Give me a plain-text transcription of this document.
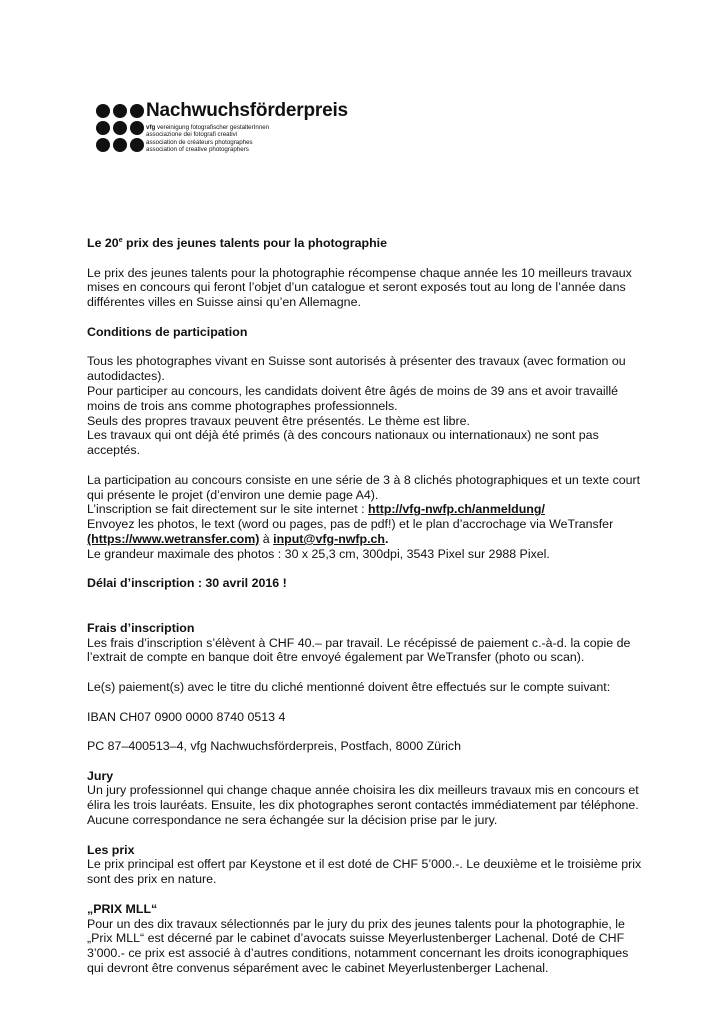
Nachwuchsförderpreis
vfg vereinigung fotografischer gestalterInnen
associazione dei fotografi creativi
association de créateurs photographes
association of creative photographers

Le 20e prix des jeunes talents pour la photographie

Le prix des jeunes talents pour la photographie récompense chaque année les 10 meilleurs travaux mises en concours qui feront l’objet d’un catalogue et seront exposés tout au long de l’année dans différentes villes en Suisse ainsi qu’en Allemagne.

Conditions de participation

Tous les photographes vivant en Suisse sont autorisés à présenter des travaux (avec formation ou autodidactes).

Pour participer au concours, les candidats doivent être âgés de moins de 39 ans et avoir travaillé moins de trois ans comme photographes professionnels.

Seuls des propres travaux peuvent être présentés. Le thème est libre.

Les travaux qui ont déjà été primés (à des concours nationaux ou internationaux) ne sont pas acceptés.

La participation au concours consiste en une série de 3 à 8 clichés photographiques et un texte court qui présente le projet (d’environ une demie page A4).

L’inscription se fait directement sur le site internet : http://vfg-nwfp.ch/anmeldung/

Envoyez les photos, le text (word ou pages, pas de pdf!) et le plan d’accrochage via WeTransfer (https://www.wetransfer.com) à input@vfg-nwfp.ch.

Le grandeur maximale des photos : 30 x 25,3 cm, 300dpi, 3543 Pixel sur 2988 Pixel.

Délai d’inscription : 30 avril 2016 !

Frais d’inscription

Les frais d’inscription s’élèvent à CHF 40.– par travail. Le récépissé de paiement c.-à-d. la copie de l’extrait de compte en banque doit être envoyé également par WeTransfer (photo ou scan).

Le(s) paiement(s) avec le titre du cliché mentionné doivent être effectués sur le compte suivant:

IBAN CH07 0900 0000 8740 0513 4

PC 87–400513–4, vfg Nachwuchsförderpreis, Postfach, 8000 Zürich

Jury

Un jury professionnel qui change chaque année choisira les dix meilleurs travaux mis en concours et élira les trois lauréats. Ensuite, les dix photographes seront contactés immédiatement par téléphone. Aucune correspondance ne sera échangée sur la décision prise par le jury.

Les prix

Le prix principal est offert par Keystone et il est doté de CHF 5’000.-. Le deuxième et le troisième prix sont des prix en nature.

„PRIX MLL“

Pour un des dix travaux sélectionnés par le jury du prix des jeunes talents pour la photographie, le „Prix MLL“ est décerné par le cabinet d’avocats suisse Meyerlustenberger Lachenal. Doté de CHF 3’000.- ce prix est associé à d’autres conditions, notamment concernant les droits iconographiques qui devront être convenus séparément avec le cabinet Meyerlustenberger Lachenal.
